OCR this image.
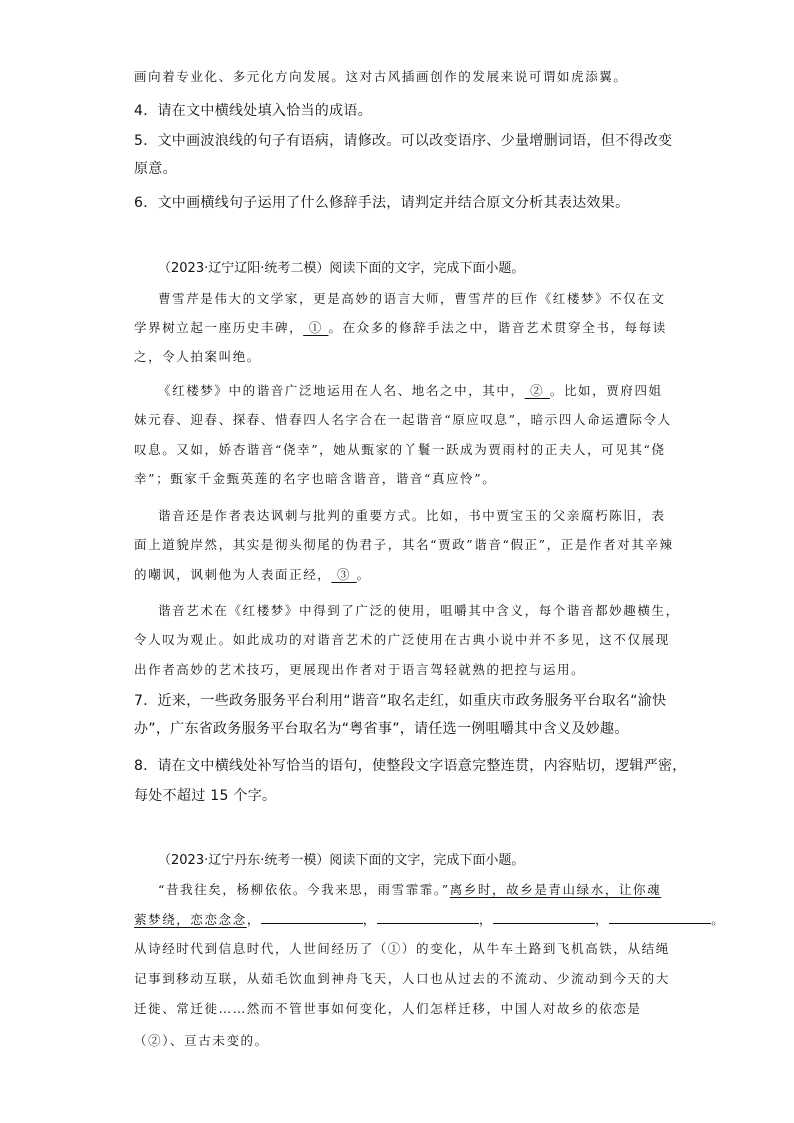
画向着专业化、多元化方向发展。这对古风插画创作的发展来说可谓如虎添翼。
4．请在文中横线处填入恰当的成语。
5．文中画波浪线的句子有语病，请修改。可以改变语序、少量增删词语，但不得改变
原意。
6．文中画横线句子运用了什么修辞手法，请判定并结合原文分析其表达效果。
（2023·辽宁辽阳·统考二模）阅读下面的文字，完成下面小题。
曹雪芹是伟大的文学家，更是高妙的语言大师，曹雪芹的巨作《红楼梦》不仅在文
学界树立起一座历史丰碑， ① 。在众多的修辞手法之中，谐音艺术贯穿全书，每每读
之，令人拍案叫绝。
《红楼梦》中的谐音广泛地运用在人名、地名之中，其中， ② 。比如，贾府四姐
妹元春、迎春、探春、惜春四人名字合在一起谐音“原应叹息”，暗示四人命运遭际令人
叹息。又如，娇杏谐音“侥幸”，她从甄家的丫鬟一跃成为贾雨村的正夫人，可见其“侥
幸”；甄家千金甄英莲的名字也暗含谐音，谐音“真应怜”。
谐音还是作者表达讽刺与批判的重要方式。比如，书中贾宝玉的父亲腐朽陈旧，表
面上道貌岸然，其实是彻头彻尾的伪君子，其名“贾政”谐音“假正”，正是作者对其辛辣
的嘲讽，讽刺他为人表面正经， ③ 。
谐音艺术在《红楼梦》中得到了广泛的使用，咀嚼其中含义，每个谐音都妙趣横生，
令人叹为观止。如此成功的对谐音艺术的广泛使用在古典小说中并不多见，这不仅展现
出作者高妙的艺术技巧，更展现出作者对于语言驾轻就熟的把控与运用。
7．近来，一些政务服务平台利用“谐音”取名走红，如重庆市政务服务平台取名“渝快
办”，广东省政务服务平台取名为“粤省事”，请任选一例咀嚼其中含义及妙趣。
8．请在文中横线处补写恰当的语句，使整段文字语意完整连贯，内容贴切，逻辑严密，
每处不超过 15 个字。
（2023·辽宁丹东·统考一模）阅读下面的文字，完成下面小题。
“昔我往矣，杨柳依依。今我来思，雨雪霏霏。”离乡时，故乡是青山绿水，让你魂
萦梦绕，恋恋念念，	，	，	，	。
从诗经时代到信息时代，人世间经历了（①）的变化，从牛车土路到飞机高铁，从结绳
记事到移动互联，从茹毛饮血到神舟飞天，人口也从过去的不流动、少流动到今天的大
迁徙、常迁徙……然而不管世事如何变化，人们怎样迁移，中国人对故乡的依恋是
（②）、亘古未变的。
